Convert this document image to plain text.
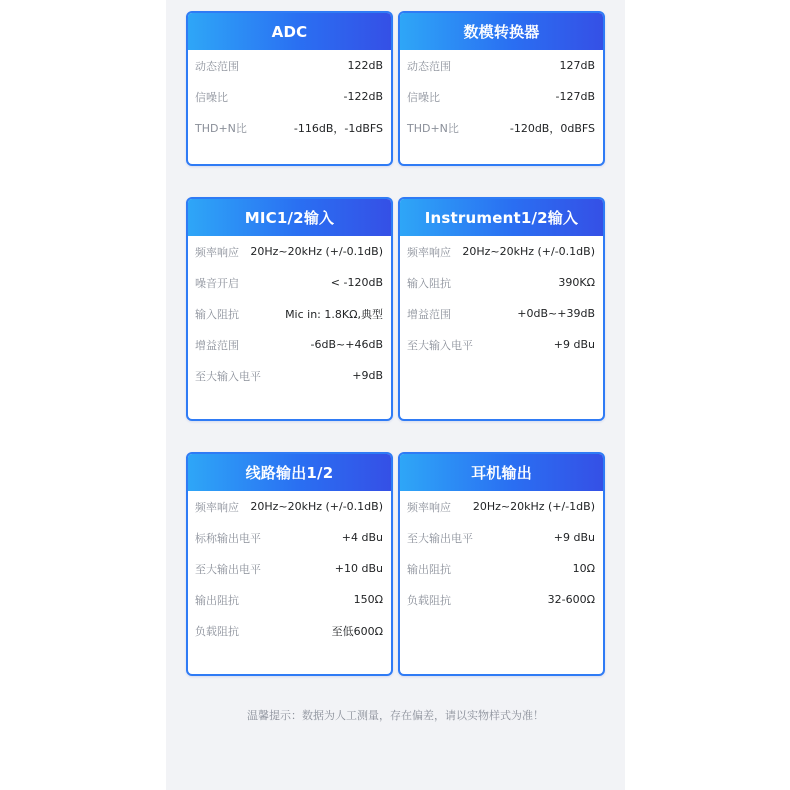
ADC
动态范围	122dB
信噪比	-122dB
THD+N比	-116dB，-1dBFS
数模转换器
动态范围	127dB
信噪比	-127dB
THD+N比	-120dB，0dBFS
MIC1/2输入
频率响应 20Hz~20kHz (+/-0.1dB)
噪音开启	< -120dB
输入阻抗	Mic in: 1.8KΩ,典型
增益范围	-6dB~+46dB
至大输入电平	+9dB
Instrument1/2输入
频率响应 20Hz~20kHz (+/-0.1dB)
输入阻抗	390KΩ
增益范围	+0dB~+39dB
至大输入电平	+9 dBu
线路输出1/2
频率响应 20Hz~20kHz (+/-0.1dB)
标称输出电平	+4 dBu
至大输出电平	+10 dBu
输出阻抗	150Ω
负载阻抗	至低600Ω
耳机输出
频率响应 20Hz~20kHz (+/-1dB)
至大输出电平	+9 dBu
输出阻抗	10Ω
负载阻抗	32-600Ω
温馨提示：数据为人工测量，存在偏差，请以实物样式为准！
